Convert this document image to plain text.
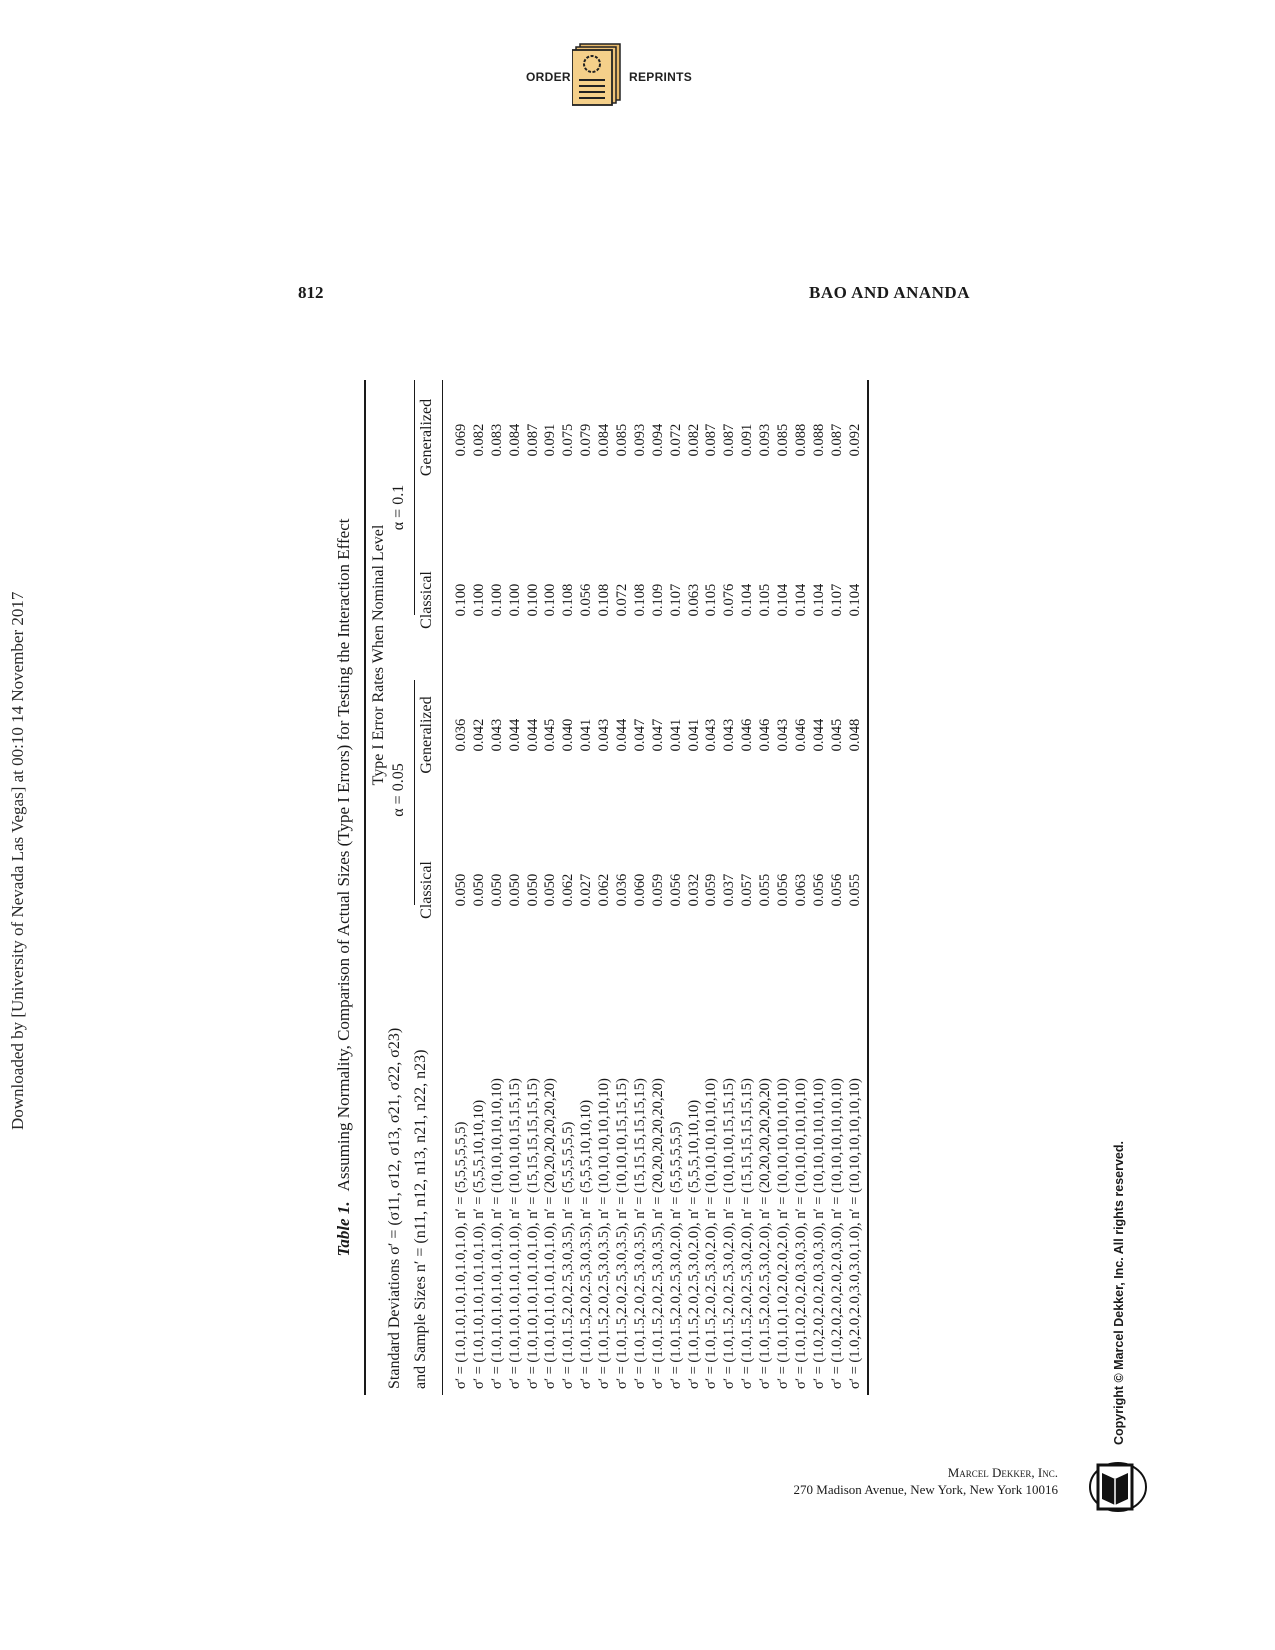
Downloaded by [University of Nevada Las Vegas] at 00:10 14 November 2017
ORDER	REPRINTS
812	BAO AND ANANDA
Table 1.Assuming Normality, Comparison of Actual Sizes (Type I Errors) for Testing the Interaction Effect Type I Error Rates When Nominal Level
Standard Deviations σ′ = (σ11, σ12, σ13, σ21, σ22, σ23)
α = 0.05
α = 0.1
and Sample Sizes n′ = (n11, n12, n13, n21, n22, n23)
Classical
Generalized
Classical
Generalized
σ′ = (1.0,1.0,1.0,1.0,1.0,1.0), n′ = (5,5,5,5,5,5)
0.050
0.036
0.100
0.069
σ′ = (1.0,1.0,1.0,1.0,1.0,1.0), n′ = (5,5,5,10,10,10)
0.050
0.042
0.100
0.082
σ′ = (1.0,1.0,1.0,1.0,1.0,1.0), n′ = (10,10,10,10,10,10)
0.050
0.043
0.100
0.083
σ′ = (1.0,1.0,1.0,1.0,1.0,1.0), n′ = (10,10,10,15,15,15)
0.050
0.044
0.100
0.084
σ′ = (1.0,1.0,1.0,1.0,1.0,1.0), n′ = (15,15,15,15,15,15)
0.050
0.044
0.100
0.087
σ′ = (1.0,1.0,1.0,1.0,1.0,1.0), n′ = (20,20,20,20,20,20)
0.050
0.045
0.100
0.091
σ′ = (1.0,1.5,2.0,2.5,3.0,3.5), n′ = (5,5,5,5,5,5)
0.062
0.040
0.108
0.075
σ′ = (1.0,1.5,2.0,2.5,3.0,3.5), n′ = (5,5,5,10,10,10)
0.027
0.041
0.056
0.079
σ′ = (1.0,1.5,2.0,2.5,3.0,3.5), n′ = (10,10,10,10,10,10)
0.062
0.043
0.108
0.084
σ′ = (1.0,1.5,2.0,2.5,3.0,3.5), n′ = (10,10,10,15,15,15)
0.036
0.044
0.072
0.085
σ′ = (1.0,1.5,2.0,2.5,3.0,3.5), n′ = (15,15,15,15,15,15)
0.060
0.047
0.108
0.093
σ′ = (1.0,1.5,2.0,2.5,3.0,3.5), n′ = (20,20,20,20,20,20)
0.059
0.047
0.109
0.094
σ′ = (1.0,1.5,2.0,2.5,3.0,2.0), n′ = (5,5,5,5,5,5)
0.056
0.041
0.107
0.072
σ′ = (1.0,1.5,2.0,2.5,3.0,2.0), n′ = (5,5,5,10,10,10)
0.032
0.041
0.063
0.082
σ′ = (1.0,1.5,2.0,2.5,3.0,2.0), n′ = (10,10,10,10,10,10)
0.059
0.043
0.105
0.087
σ′ = (1.0,1.5,2.0,2.5,3.0,2.0), n′ = (10,10,10,15,15,15)
0.037
0.043
0.076
0.087
σ′ = (1.0,1.5,2.0,2.5,3.0,2.0), n′ = (15,15,15,15,15,15)
0.057
0.046
0.104
0.091
σ′ = (1.0,1.5,2.0,2.5,3.0,2.0), n′ = (20,20,20,20,20,20)
0.055
0.046
0.105
0.093
σ′ = (1.0,1.0,1.0,2.0,2.0,2.0), n′ = (10,10,10,10,10,10)
0.056
0.043
0.104
0.085
σ′ = (1.0,1.0,2.0,2.0,3.0,3.0), n′ = (10,10,10,10,10,10)
0.063
0.046
0.104
0.088
σ′ = (1.0,2.0,2.0,2.0,3.0,3.0), n′ = (10,10,10,10,10,10)
0.056
0.044
0.104
0.088
σ′ = (1.0,2.0,2.0,2.0,2.0,3.0), n′ = (10,10,10,10,10,10)
0.056
0.045
0.107
0.087
σ′ = (1.0,2.0,2.0,3.0,3.0,1.0), n′ = (10,10,10,10,10,10)
0.055
0.048
0.104
0.092
Marcel Dekker, Inc.
270 Madison Avenue, New York, New York 10016
Copyright © Marcel Dekker, Inc. All rights reserved.
